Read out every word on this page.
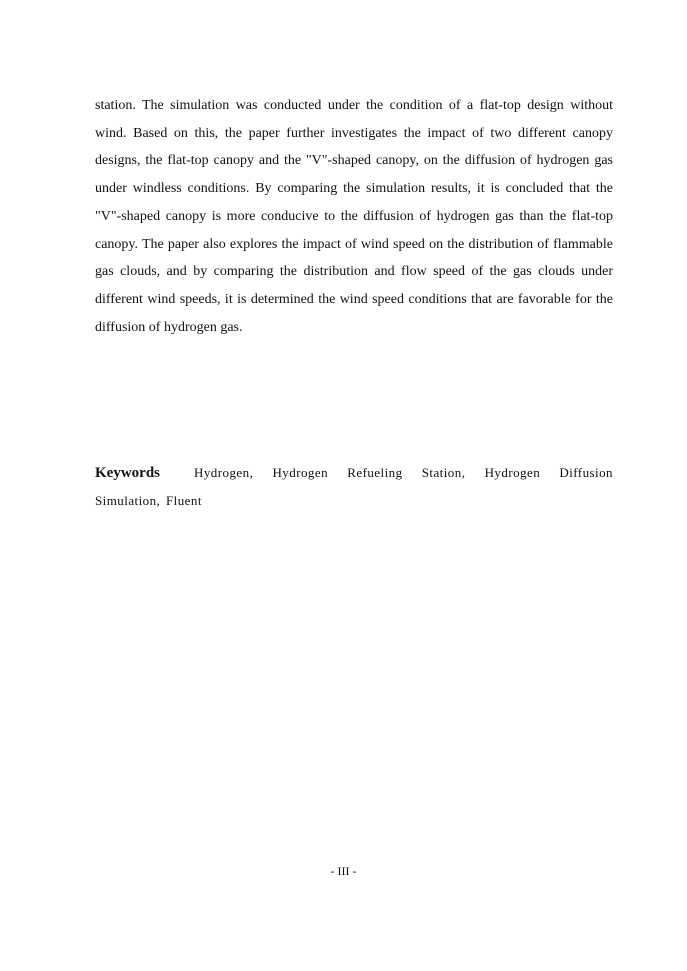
station. The simulation was conducted under the condition of a flat-top design without wind. Based on this, the paper further investigates the impact of two different canopy designs, the flat-top canopy and the "V"-shaped canopy, on the diffusion of hydrogen gas under windless conditions. By comparing the simulation results, it is concluded that the "V"-shaped canopy is more conducive to the diffusion of hydrogen gas than the flat-top canopy. The paper also explores the impact of wind speed on the distribution of flammable gas clouds, and by comparing the distribution and flow speed of the gas clouds under different wind speeds, it is determined the wind speed conditions that are favorable for the diffusion of hydrogen gas.

Keywords	Hydrogen, Hydrogen Refueling Station, Hydrogen Diffusion Simulation, Fluent

- III -
